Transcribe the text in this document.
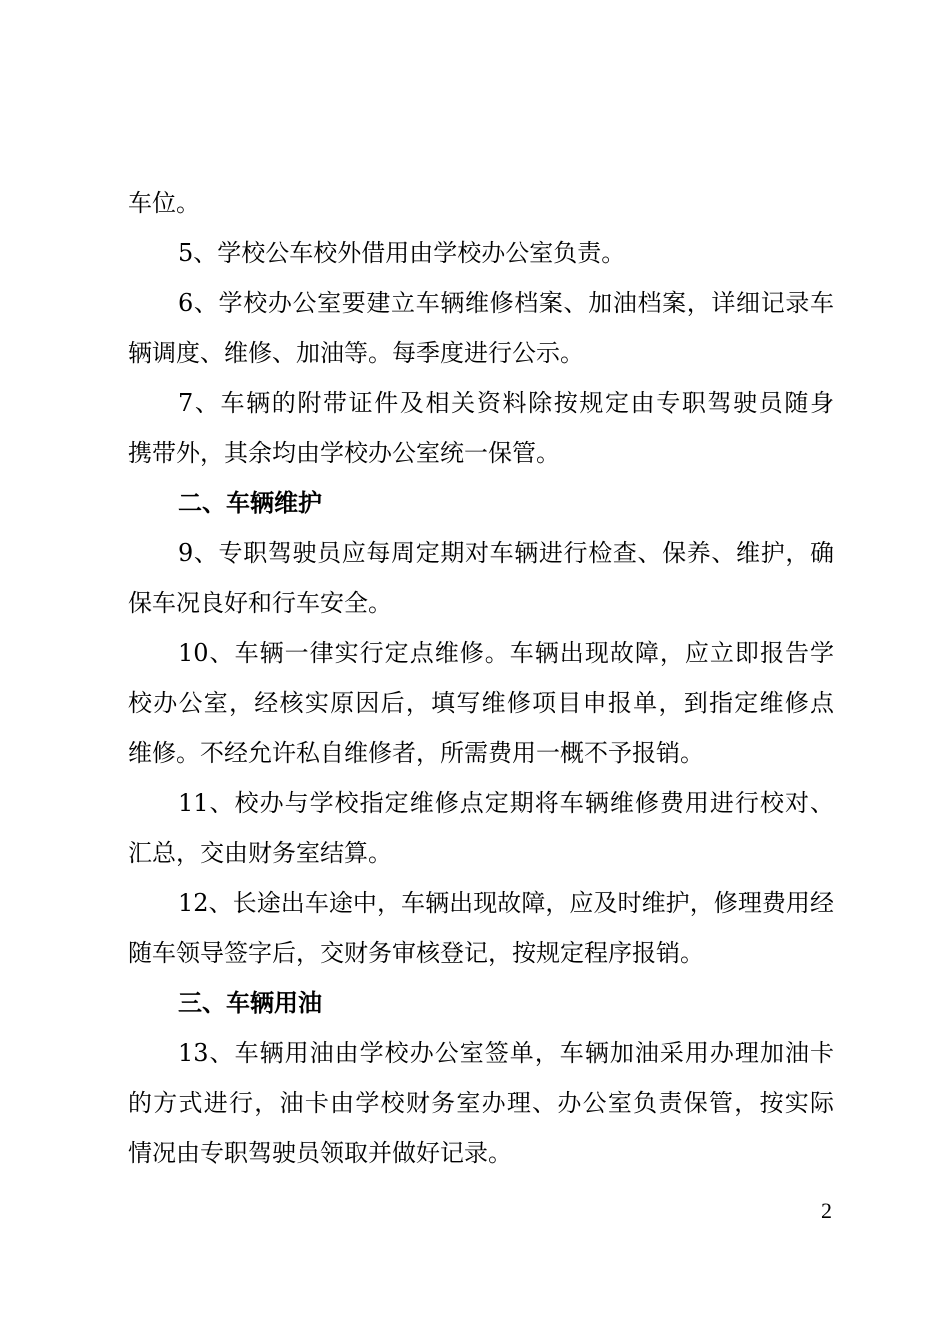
车位。
5、学校公车校外借用由学校办公室负责。
6、学校办公室要建立车辆维修档案、加油档案，详细记录车
辆调度、维修、加油等。每季度进行公示。
7、车辆的附带证件及相关资料除按规定由专职驾驶员随身
携带外，其余均由学校办公室统一保管。
二、车辆维护
9、专职驾驶员应每周定期对车辆进行检查、保养、维护，确
保车况良好和行车安全。
10、车辆一律实行定点维修。车辆出现故障，应立即报告学
校办公室，经核实原因后，填写维修项目申报单，到指定维修点
维修。不经允许私自维修者，所需费用一概不予报销。
11、校办与学校指定维修点定期将车辆维修费用进行校对、
汇总，交由财务室结算。
12、长途出车途中，车辆出现故障，应及时维护，修理费用经
随车领导签字后，交财务审核登记，按规定程序报销。
三、车辆用油
13、车辆用油由学校办公室签单，车辆加油采用办理加油卡
的方式进行，油卡由学校财务室办理、办公室负责保管，按实际
情况由专职驾驶员领取并做好记录。
2
